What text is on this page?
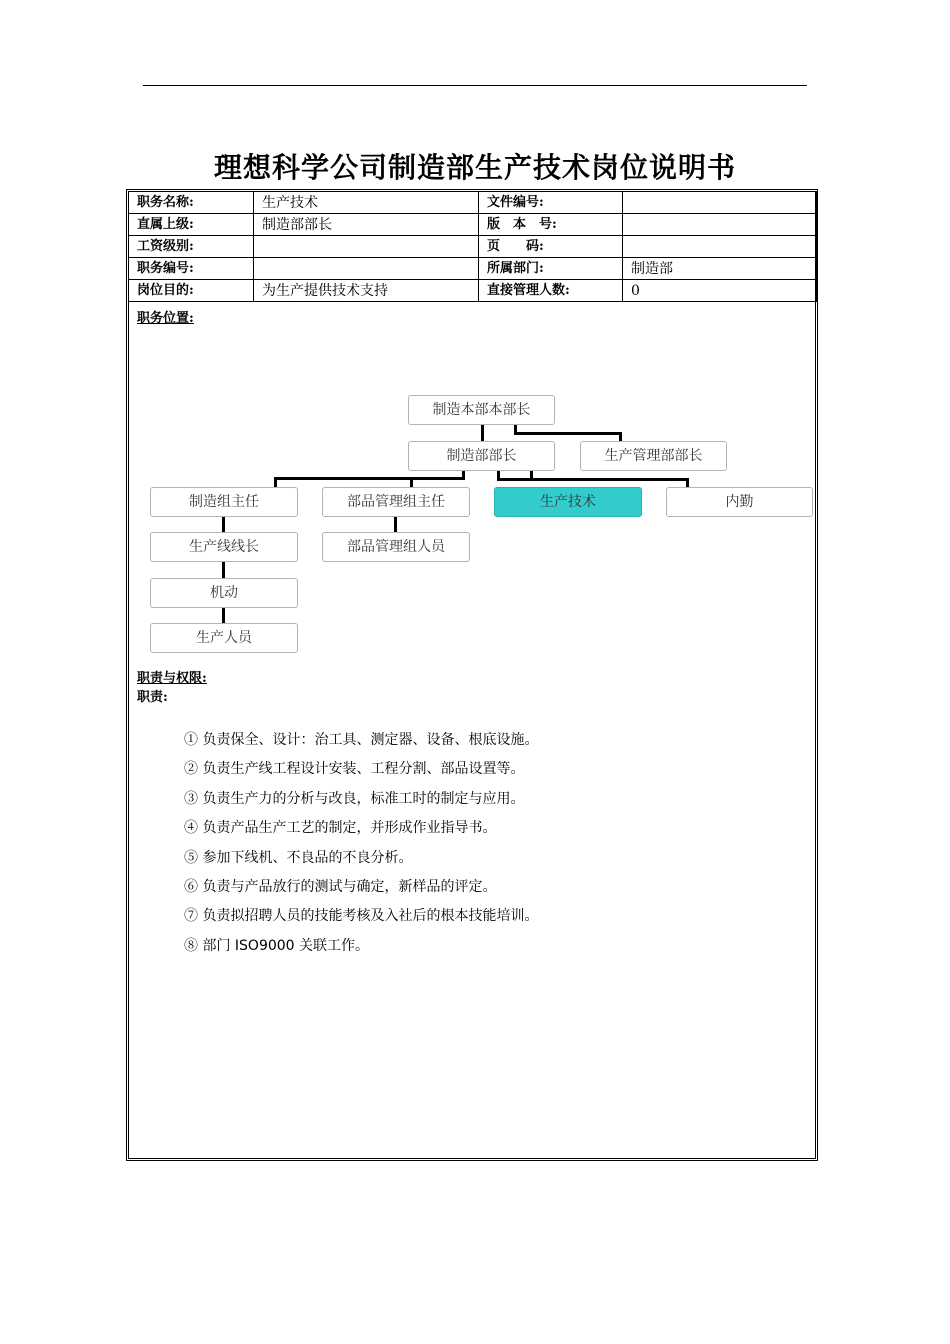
理想科学公司制造部生产技术岗位说明书
职务名称:	生产技术	文件编号:	
直属上级:	制造部部长	版　本　号:	
工资级别:		页　　码:	
职务编号:		所属部门:	制造部
岗位目的:	为生产提供技术支持	直接管理人数:	0
职务位置:
制造本部本部长
制造部部长	生产管理部部长
制造组主任	部品管理组主任	生产技术	内勤
生产线线长
机动
生产人员
部品管理组人员
职责与权限:
职责:
① 负责保全、设计：治工具、测定器、设备、根底设施。
② 负责生产线工程设计安装、工程分割、部品设置等。
③ 负责生产力的分析与改良，标准工时的制定与应用。
④ 负责产品生产工艺的制定，并形成作业指导书。
⑤ 参加下线机、不良品的不良分析。
⑥ 负责与产品放行的测试与确定，新样品的评定。
⑦ 负责拟招聘人员的技能考核及入社后的根本技能培训。
⑧ 部门 ISO9000 关联工作。
